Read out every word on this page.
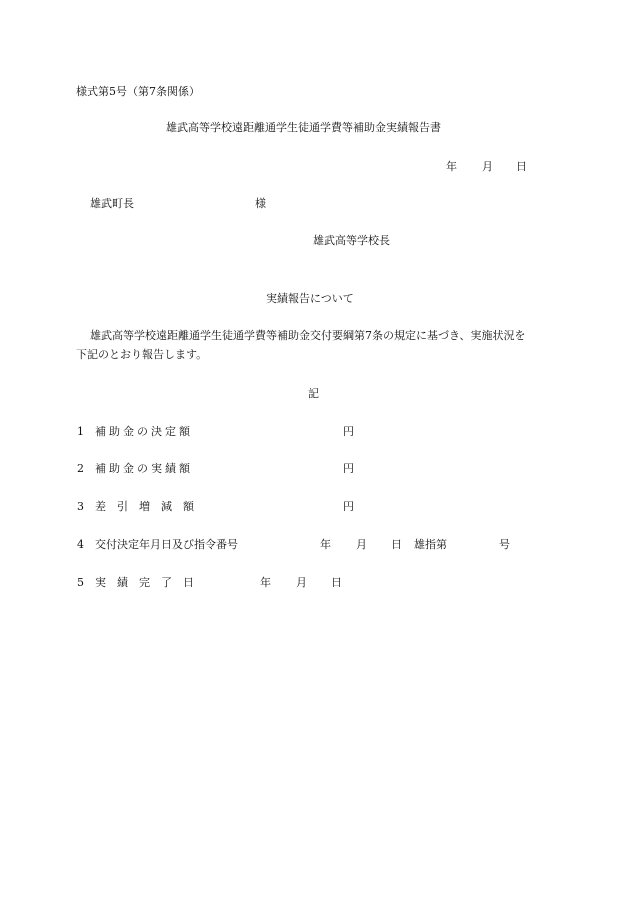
様式第5号（第7条関係）
雄武高等学校遠距離通学生徒通学費等補助金実績報告書
年 月 日
雄武町長	様
雄武高等学校長
実績報告について
雄武高等学校遠距離通学生徒通学費等補助金交付要綱第7条の規定に基づき、実施状況を
下記のとおり報告します。
記
1 補助金の決定額	円
2 補助金の実績額	円
3 差引増減額	円
4 交付決定年月日及び指令番号	年 月 日 雄指第	号
5 実績完了日	年 月 日
